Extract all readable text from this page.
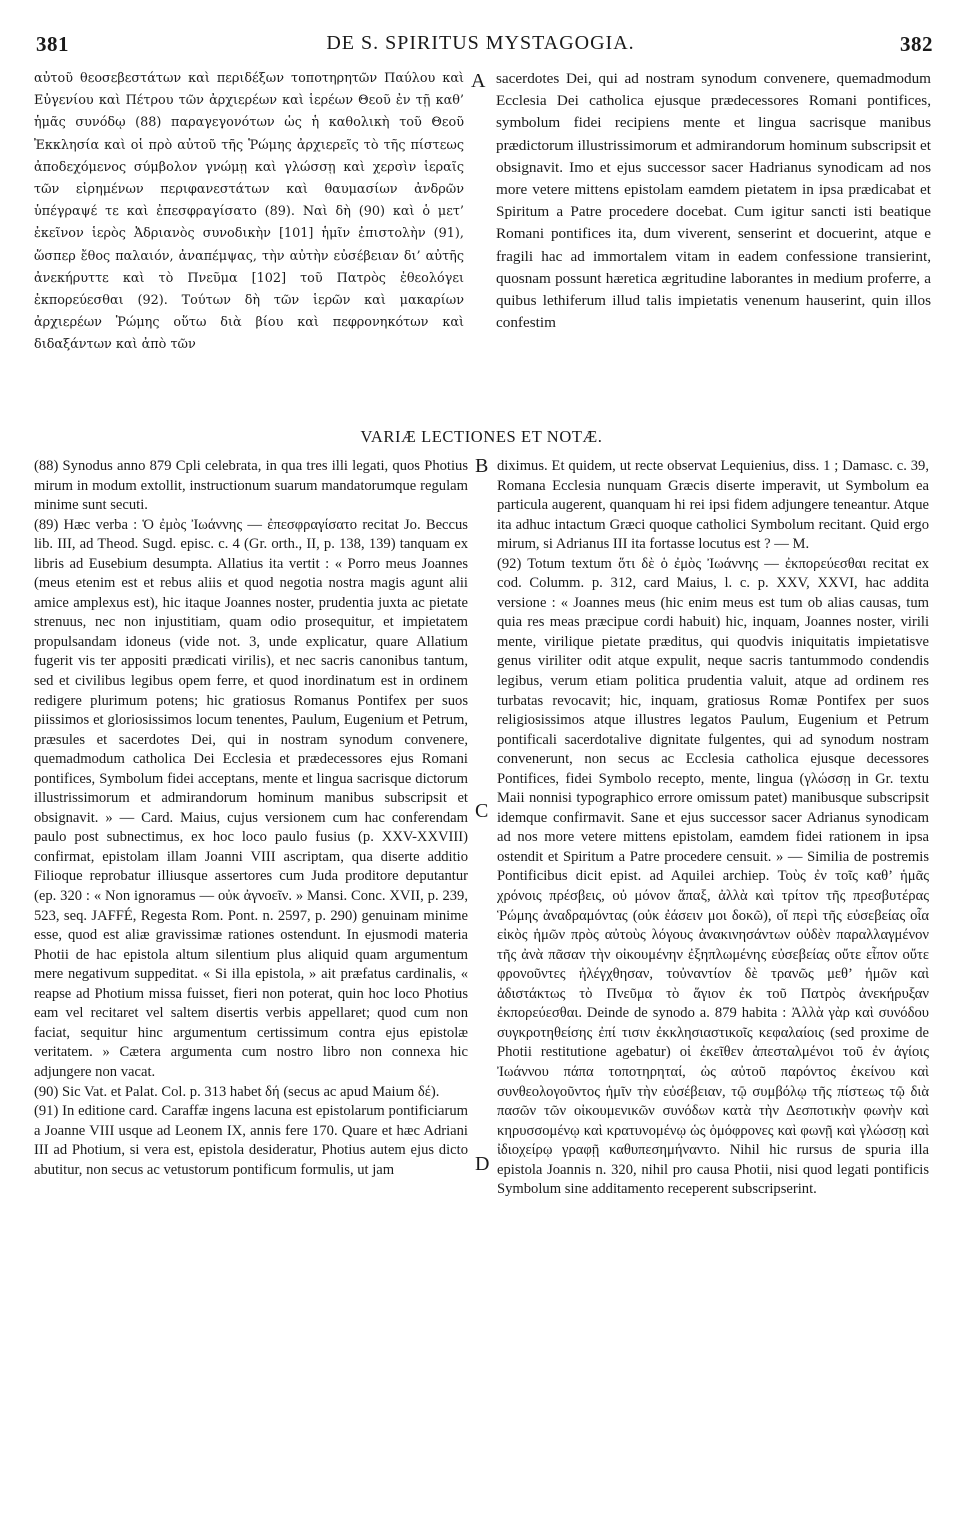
381	DE S. SPIRITUS MYSTAGOGIA.	382
αὐτοῦ θεοσεβεστάτων καὶ περιδέξων τοποτηρητῶν Παύλου καὶ Εὐγενίου καὶ Πέτρου τῶν ἀρχιερέων καὶ ἱερέων Θεοῦ ἐν τῇ καθ’ ἡμᾶς συνόδῳ (88) παραγεγονότων ὡς ἡ καθολικὴ τοῦ Θεοῦ Ἐκκλησία καὶ οἱ πρὸ αὐτοῦ τῆς Ῥώμης ἀρχιερεῖς τὸ τῆς πίστεως ἀποδεχόμενος σύμβολον γνώμῃ καὶ γλώσσῃ καὶ χερσὶν ἱεραῖς τῶν εἰρημένων περιφανεστάτων καὶ θαυμασίων ἀνδρῶν ὑπέγραψέ τε καὶ ἐπεσφραγίσατο (89). Ναὶ δὴ (90) καὶ ὁ μετ’ ἐκεῖνον ἱερὸς Ἀδριανὸς συνοδικὴν [101] ἡμῖν ἐπιστολὴν (91), ὥσπερ ἔθος παλαιόν, ἀναπέμψας, τὴν αὐτὴν εὐσέβειαν δι’ αὐτῆς ἀνεκήρυττε καὶ τὸ Πνεῦμα [102] τοῦ Πατρὸς ἐθεολόγει ἐκπορεύεσθαι (92). Τούτων δὴ τῶν ἱερῶν καὶ μακαρίων ἀρχιερέων Ῥώμης οὕτω διὰ βίου καὶ πεφρονηκότων καὶ διδαξάντων καὶ ἀπὸ τῶν
sacerdotes Dei, qui ad nostram synodum convenere, quemadmodum Ecclesia Dei catholica ejusque prædecessores Romani pontifices, symbolum fidei recipiens mente et lingua sacrisque manibus prædictorum illustrissimorum et admirandorum hominum subscripsit et obsignavit. Imo et ejus successor sacer Hadrianus synodicam ad nos more vetere mittens epistolam eamdem pietatem in ipsa prædicabat et Spiritum a Patre procedere docebat. Cum igitur sancti isti beatique Romani pontifices ita, dum viverent, senserint et docuerint, atque e fragili hac ad immortalem vitam in eadem confessione transierint, quosnam possunt hæretica ægritudine laborantes in medium proferre, a quibus lethiferum illud talis impietatis venenum hauserint, quin illos confestim
VARIÆ LECTIONES ET NOTÆ.

(88) Synodus anno 879 Cpli celebrata, in qua tres illi legati, quos Photius mirum in modum extollit, instructionum suarum mandatorumque regulam minime sunt secuti.

(89) Hæc verba : Ὁ ἐμὸς Ἰωάννης — ἐπεσφραγίσατο recitat Jo. Beccus lib. III, ad Theod. Sugd. episc. c. 4 (Gr. orth., II, p. 138, 139) tanquam ex libris ad Eusebium desumpta. Allatius ita vertit : « Porro meus Joannes (meus etenim est et rebus aliis et quod negotia nostra magis agunt alii amice amplexus est), hic itaque Joannes noster, prudentia juxta ac pietate strenuus, nec non injustitiam, quam odio prosequitur, et impietatem propulsandam idoneus (vide not. 3, unde explicatur, quare Allatium fugerit vis ter appositi prædicati virilis), et nec sacris canonibus tantum, sed et civilibus legibus opem ferre, et quod inordinatum est in ordinem redigere plurimum potens; hic gratiosus Romanus Pontifex per suos piissimos et gloriosissimos locum tenentes, Paulum, Eugenium et Petrum, præsules et sacerdotes Dei, qui in nostram synodum convenere, quemadmodum catholica Dei Ecclesia et prædecessores ejus Romani pontifices, Symbolum fidei acceptans, mente et lingua sacrisque dictorum illustrissimorum et admirandorum hominum manibus subscripsit et obsignavit. » — Card. Maius, cujus versionem cum hac conferendam paulo post subnectimus, ex hoc loco paulo fusius (p. XXV-XXVIII) confirmat, epistolam illam Joanni VIII ascriptam, qua diserte additio Filioque reprobatur illiusque assertores cum Juda proditore deputantur (ep. 320 : « Non ignoramus — οὐκ ἀγνοεῖν. » Mansi. Conc. XVII, p. 239, 523, seq. JAFFÉ, Regesta Rom. Pont. n. 2597, p. 290) genuinam minime esse, quod est aliæ gravissimæ rationes ostendunt. In ejusmodi materia Photii de hac epistola altum silentium plus aliquid quam argumentum mere negativum suppeditat. « Si illa epistola, » ait præfatus cardinalis, « reapse ad Photium missa fuisset, fieri non poterat, quin hoc loco Photius eam vel recitaret vel saltem disertis verbis appellaret; quod cum non faciat, sequitur hinc argumentum certissimum contra ejus epistolæ veritatem. » Cætera argumenta cum nostro libro non connexa hic adjungere non vacat.

(90) Sic Vat. et Palat. Col. p. 313 habet δή (secus ac apud Maium δέ).

(91) In editione card. Caraffæ ingens lacuna est epistolarum pontificiarum a Joanne VIII usque ad Leonem IX, annis fere 170. Quare et hæc Adriani III ad Photium, si vera est, epistola desideratur, Photius autem ejus dicto abutitur, non secus ac vetustorum pontificum formulis, ut jam

diximus. Et quidem, ut recte observat Lequienius, diss. 1 ; Damasc. c. 39, Romana Ecclesia nunquam Græcis diserte imperavit, ut Symbolum ea particula augerent, quanquam hi rei ipsi fidem adjungere teneantur. Atque ita adhuc intactum Græci quoque catholici Symbolum recitant. Quid ergo mirum, si Adrianus III ita fortasse locutus est ? — M.

(92) Totum textum ὅτι δὲ ὁ ἐμὸς Ἰωάννης — ἐκπορεύεσθαι recitat ex cod. Columm. p. 312, card Maius, l. c. p. XXV, XXVI, hac addita versione : « Joannes meus (hic enim meus est tum ob alias causas, tum quia res meas præcipue cordi habuit) hic, inquam, Joannes noster, virili mente, virilique pietate præditus, qui quodvis iniquitatis impietatisve genus viriliter odit atque expulit, neque sacris tantummodo condendis legibus, verum etiam politica prudentia valuit, atque ad ordinem res turbatas revocavit; hic, inquam, gratiosus Romæ Pontifex per suos religiosissimos atque illustres legatos Paulum, Eugenium et Petrum pontificali sacerdotalive dignitate fulgentes, qui ad synodum nostram convenerunt, non secus ac Ecclesia catholica ejusque decessores Pontifices, fidei Symbolo recepto, mente, lingua (γλώσσῃ in Gr. textu Maii nonnisi typographico errore omissum patet) manibusque subscripsit idemque confirmavit. Sane et ejus successor sacer Adrianus synodicam ad nos more vetere mittens epistolam, eamdem fidei rationem in ipsa ostendit et Spiritum a Patre procedere censuit. » — Similia de postremis Pontificibus dicit epist. ad Aquilei archiep. Τοὺς ἐν τοῖς καθ’ ἡμᾶς χρόνοις πρέσβεις, οὐ μόνον ἅπαξ, ἀλλὰ καὶ τρίτον τῆς πρεσβυτέρας Ῥώμης ἀναδραμόντας (οὐκ ἐάσειν μοι δοκῶ), οἵ περὶ τῆς εὐσεβείας οἷα εἰκὸς ἡμῶν πρὸς αὐτοὺς λόγους ἀνακινησάντων οὐδὲν παραλλαγμένον τῆς ἀνὰ πᾶσαν τὴν οἰκουμένην ἐξηπλωμένης εὐσεβείας οὔτε εἶπον οὔτε φρονοῦντες ἠλέγχθησαν, τοὐναντίον δὲ τρανῶς μεθ’ ἡμῶν καὶ ἀδιστάκτως τὸ Πνεῦμα τὸ ἅγιον ἐκ τοῦ Πατρὸς ἀνεκήρυξαν ἐκπορεύεσθαι. Deinde de synodo a. 879 habita : Ἀλλὰ γὰρ καὶ συνόδου συγκροτηθείσης ἐπί τισιν ἐκκλησιαστικοῖς κεφαλαίοις (sed proxime de Photii restitutione agebatur) οἱ ἐκεῖθεν ἀπεσταλμένοι τοῦ ἐν ἁγίοις Ἰωάννου πάπα τοποτηρηταί, ὡς αὐτοῦ παρόντος ἐκείνου καὶ συνθεολογοῦντος ἡμῖν τὴν εὐσέβειαν, τῷ συμβόλῳ τῆς πίστεως τῷ διὰ πασῶν τῶν οἰκουμενικῶν συνόδων κατὰ τὴν Δεσποτικὴν φωνὴν καὶ κηρυσσομένῳ καὶ κρατυνομένῳ ὡς ὁμόφρονες καὶ φωνῇ καὶ γλώσσῃ καὶ ἰδιοχείρῳ γραφῇ καθυπεσημήναντο. Nihil hic rursus de spuria illa epistola Joannis n. 320, nihil pro causa Photii, nisi quod legati pontificis Symbolum sine additamento receperent subscripserint.

A
B
C
D
